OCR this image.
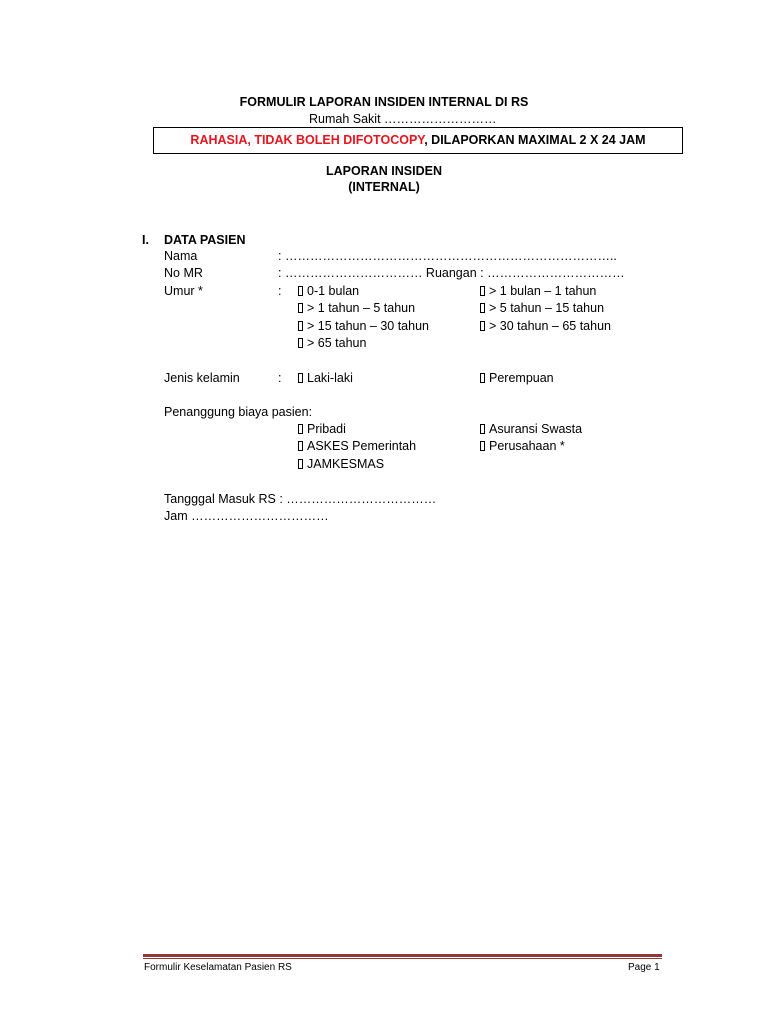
FORMULIR LAPORAN INSIDEN INTERNAL DI RS
Rumah Sakit ………………………
RAHASIA, TIDAK BOLEH DIFOTOCOPY, DILAPORKAN MAXIMAL 2 X 24 JAM
LAPORAN INSIDEN
(INTERNAL)
I. DATA PASIEN
Nama	: ……………………………………………………………………..
No MR	: …………………………… Ruangan : ……………………………
Umur *	:	0-1 bulan	> 1 bulan – 1 tahun
> 1 tahun – 5 tahun	> 5 tahun – 15 tahun
> 15 tahun – 30 tahun	> 30 tahun – 65 tahun
> 65 tahun
Jenis kelamin	:	Laki-laki	Perempuan
Penanggung biaya pasien:
Pribadi	Asuransi Swasta
ASKES Pemerintah	Perusahaan *
JAMKESMAS
Tangggal Masuk RS : ………………………………
Jam ……………………………
Formulir Keselamatan Pasien RS	Page 1
